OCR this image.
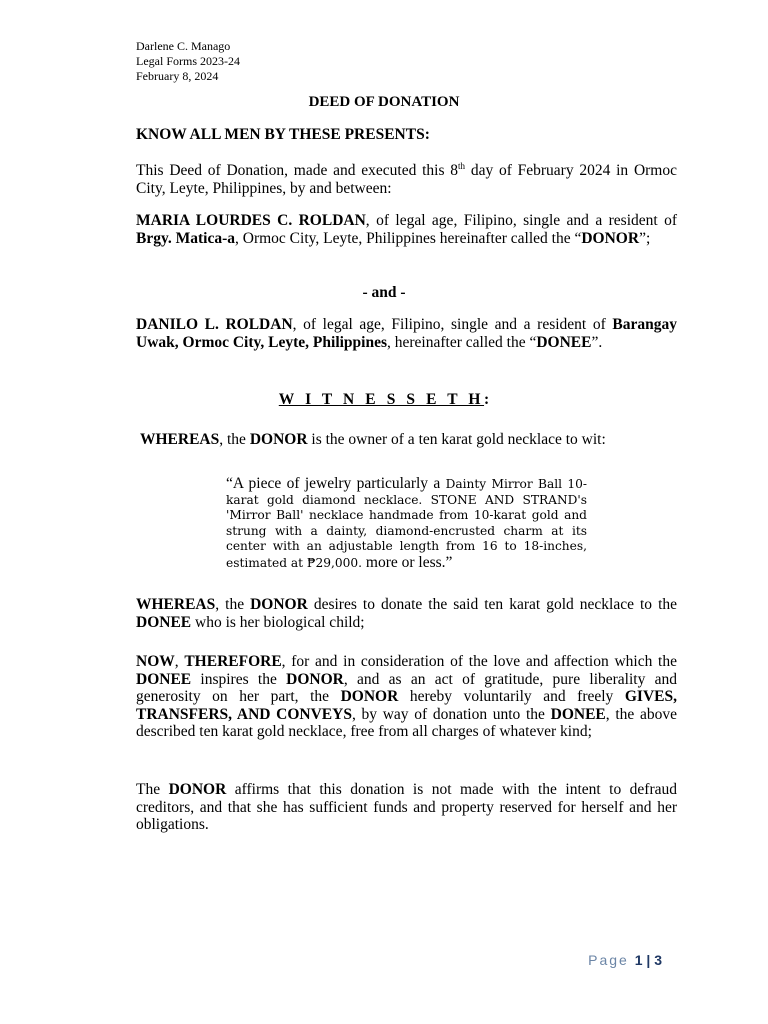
Darlene C. Manago
Legal Forms 2023-24
February 8, 2024
DEED OF DONATION

KNOW ALL MEN BY THESE PRESENTS:

This Deed of Donation, made and executed this 8th day of February 2024 in Ormoc City, Leyte, Philippines, by and between:

MARIA LOURDES C. ROLDAN, of legal age, Filipino, single and a resident of Brgy. Matica-a, Ormoc City, Leyte, Philippines hereinafter called the “DONOR”;

- and -

DANILO L. ROLDAN, of legal age, Filipino, single and a resident of Barangay Uwak, Ormoc City, Leyte, Philippines, hereinafter called the “DONEE”.

W I T N E S S E T H:

WHEREAS, the DONOR is the owner of a ten karat gold necklace to wit:

“A piece of jewelry particularly a Dainty Mirror Ball 10-karat gold diamond necklace. STONE AND STRAND's 'Mirror Ball' necklace handmade from 10-karat gold and strung with a dainty, diamond-encrusted charm at its center with an adjustable length from 16 to 18-inches, estimated at ₱29,000. more or less.”

WHEREAS, the DONOR desires to donate the said ten karat gold necklace to the DONEE who is her biological child;

NOW, THEREFORE, for and in consideration of the love and affection which the DONEE inspires the DONOR, and as an act of gratitude, pure liberality and generosity on her part, the DONOR hereby voluntarily and freely GIVES, TRANSFERS, AND CONVEYS, by way of donation unto the DONEE, the above described ten karat gold necklace, free from all charges of whatever kind;

The DONOR affirms that this donation is not made with the intent to defraud creditors, and that she has sufficient funds and property reserved for herself and her obligations.

Page 1 | 3
